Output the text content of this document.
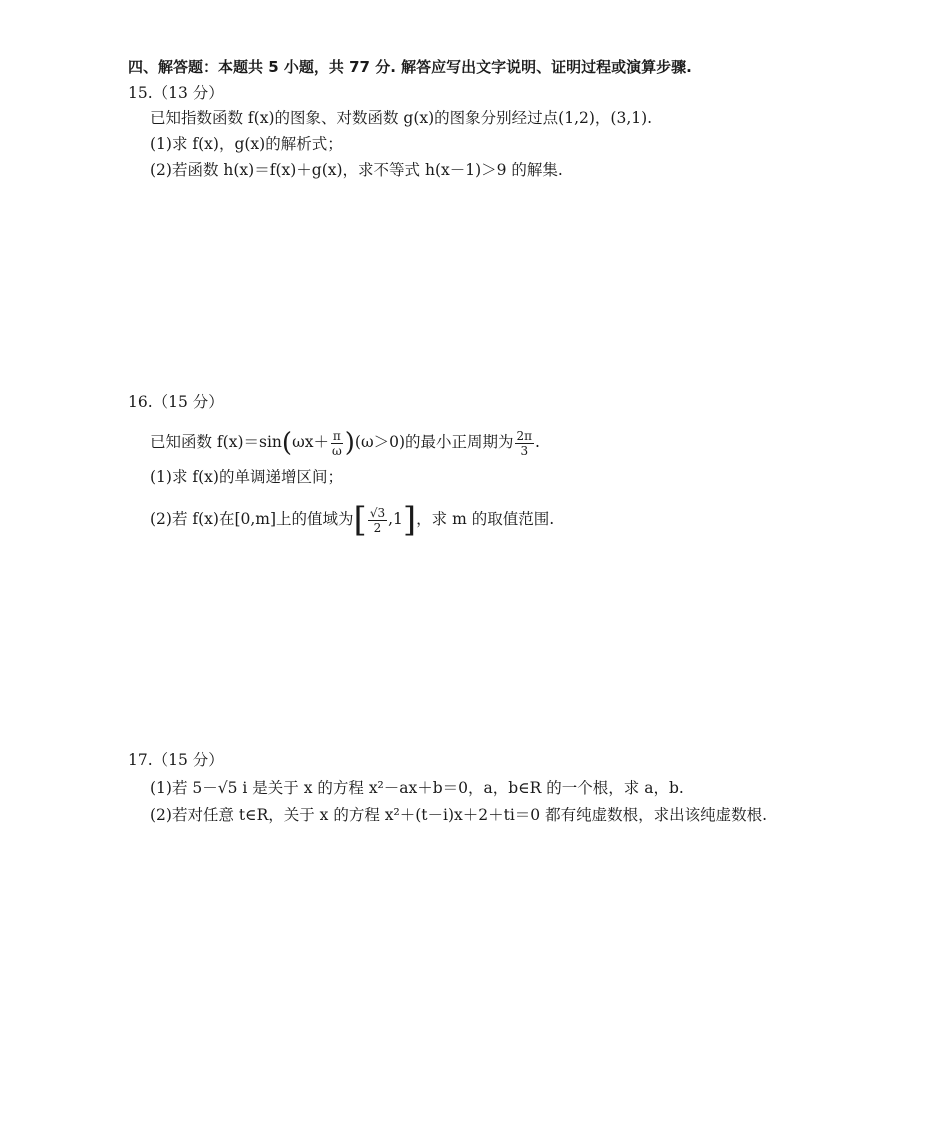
四、解答题：本题共 5 小题，共 77 分. 解答应写出文字说明、证明过程或演算步骤.
15.（13 分）
已知指数函数 f(x)的图象、对数函数 g(x)的图象分别经过点(1,2)，(3,1).
(1)求 f(x)，g(x)的解析式；
(2)若函数 h(x)＝f(x)＋g(x)，求不等式 h(x－1)＞9 的解集.
16.（15 分）
已知函数 $f(x)=\sin(\omega x+ \frac{\pi}{\omega} )(\omega>0)$的最小正周期为 $\frac{2\pi}{3}$ .
(1)求 f(x)的单调递增区间；
(2)若 f(x)在[0,m]上的值域为[ $\frac{√3}{2} ,1$]，求 m 的取值范围.
17.（15 分）
(1)若 5－√5 i 是关于 x 的方程 x²－ax＋b＝0，a，b∈R 的一个根，求 a，b.
(2)若对任意 t∈R，关于 x 的方程 x²＋(t－i)x＋2＋ti＝0 都有纯虚数根，求出该纯虚数根.
